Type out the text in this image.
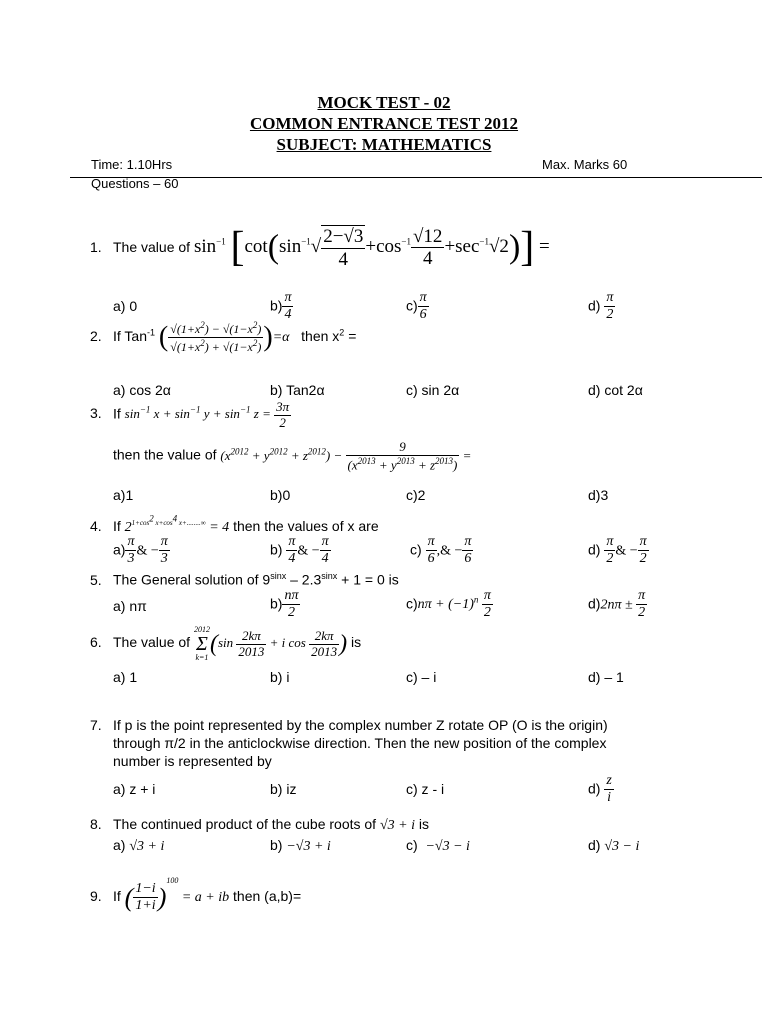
MOCK TEST - 02
COMMON ENTRANCE TEST 2012
SUBJECT: MATHEMATICS
Time: 1.10Hrs	Max. Marks 60
Questions – 60
1. The value of $\sin^{-1} [\cot(\sin^{-1}√ \frac{2-√3}{4} +\cos^{-1} \frac{√12}{4} +\sec^{-1}√2)]$ =
a) 0	$b) \frac{\pi}{4}$	$c) \frac{\pi}{6}$	$d) \frac{\pi}{2}$
2. If Tan$^{-1}$ ( $\frac{√(1+x^2) - √(1-x^2)}{√(1+x^2) + √(1-x^2)} )=\alpha$ then $x^2$ =
a) cos 2α	b) Tan2α	c) sin 2α	d) cot 2α
3. If $\sin^{-1} x + \sin^{-1} y + \sin^{-1} z = \frac{3\pi}{2}$
then the value of $(x^{2012} + y^{2012} + z^{2012}) - \frac{9}{(x^{2013} + y^{2013} + z^{2013})}$ =
a)1	b)0	c)2	d)3
4. If $2^{1+cos^2 x+cos^4 x+........\infty} = 4$ then the values of x are
$a) \frac{\pi}{3}$ & − $\frac{\pi}{3}$	$b) \frac{\pi}{4}$ & − $\frac{\pi}{4}$	$c) \frac{\pi}{6}$ ,& − $\frac{\pi}{6}$	$d) \frac{\pi}{2}$ & − $\frac{\pi}{2}$
5. The General solution of $9^{sinx} - 2.3^{sinx} + 1 = 0$ is
a) nπ	$b) \frac{n\pi}{2}$	$c)n\pi + (-1)^n \frac{\pi}{2}$	$d)2n\pi \pm \frac{\pi}{2}$
6. The value of
2012
Σ
k=1
($\sin \frac{2k\pi}{2013} + i$ $\cos \frac{2k\pi}{2013}$ ) is
a) 1	b) i	c) – i	d) – 1
7. If p is the point represented by the complex number Z rotate OP (O is the origin)
through π/2 in the anticlockwise direction. Then the new position of the complex
number is represented by
a) z + i	b) iz	c) z - i	$d) \frac{z}{i}$
8. The continued product of the cube roots of √3 + i is
a) √3 + i	b) −√3 + i	c) −√3 − i	d) √3 − i
9. If ( $\frac{1-i}{1+i} )^{100} = a$ + ib then (a,b)=
